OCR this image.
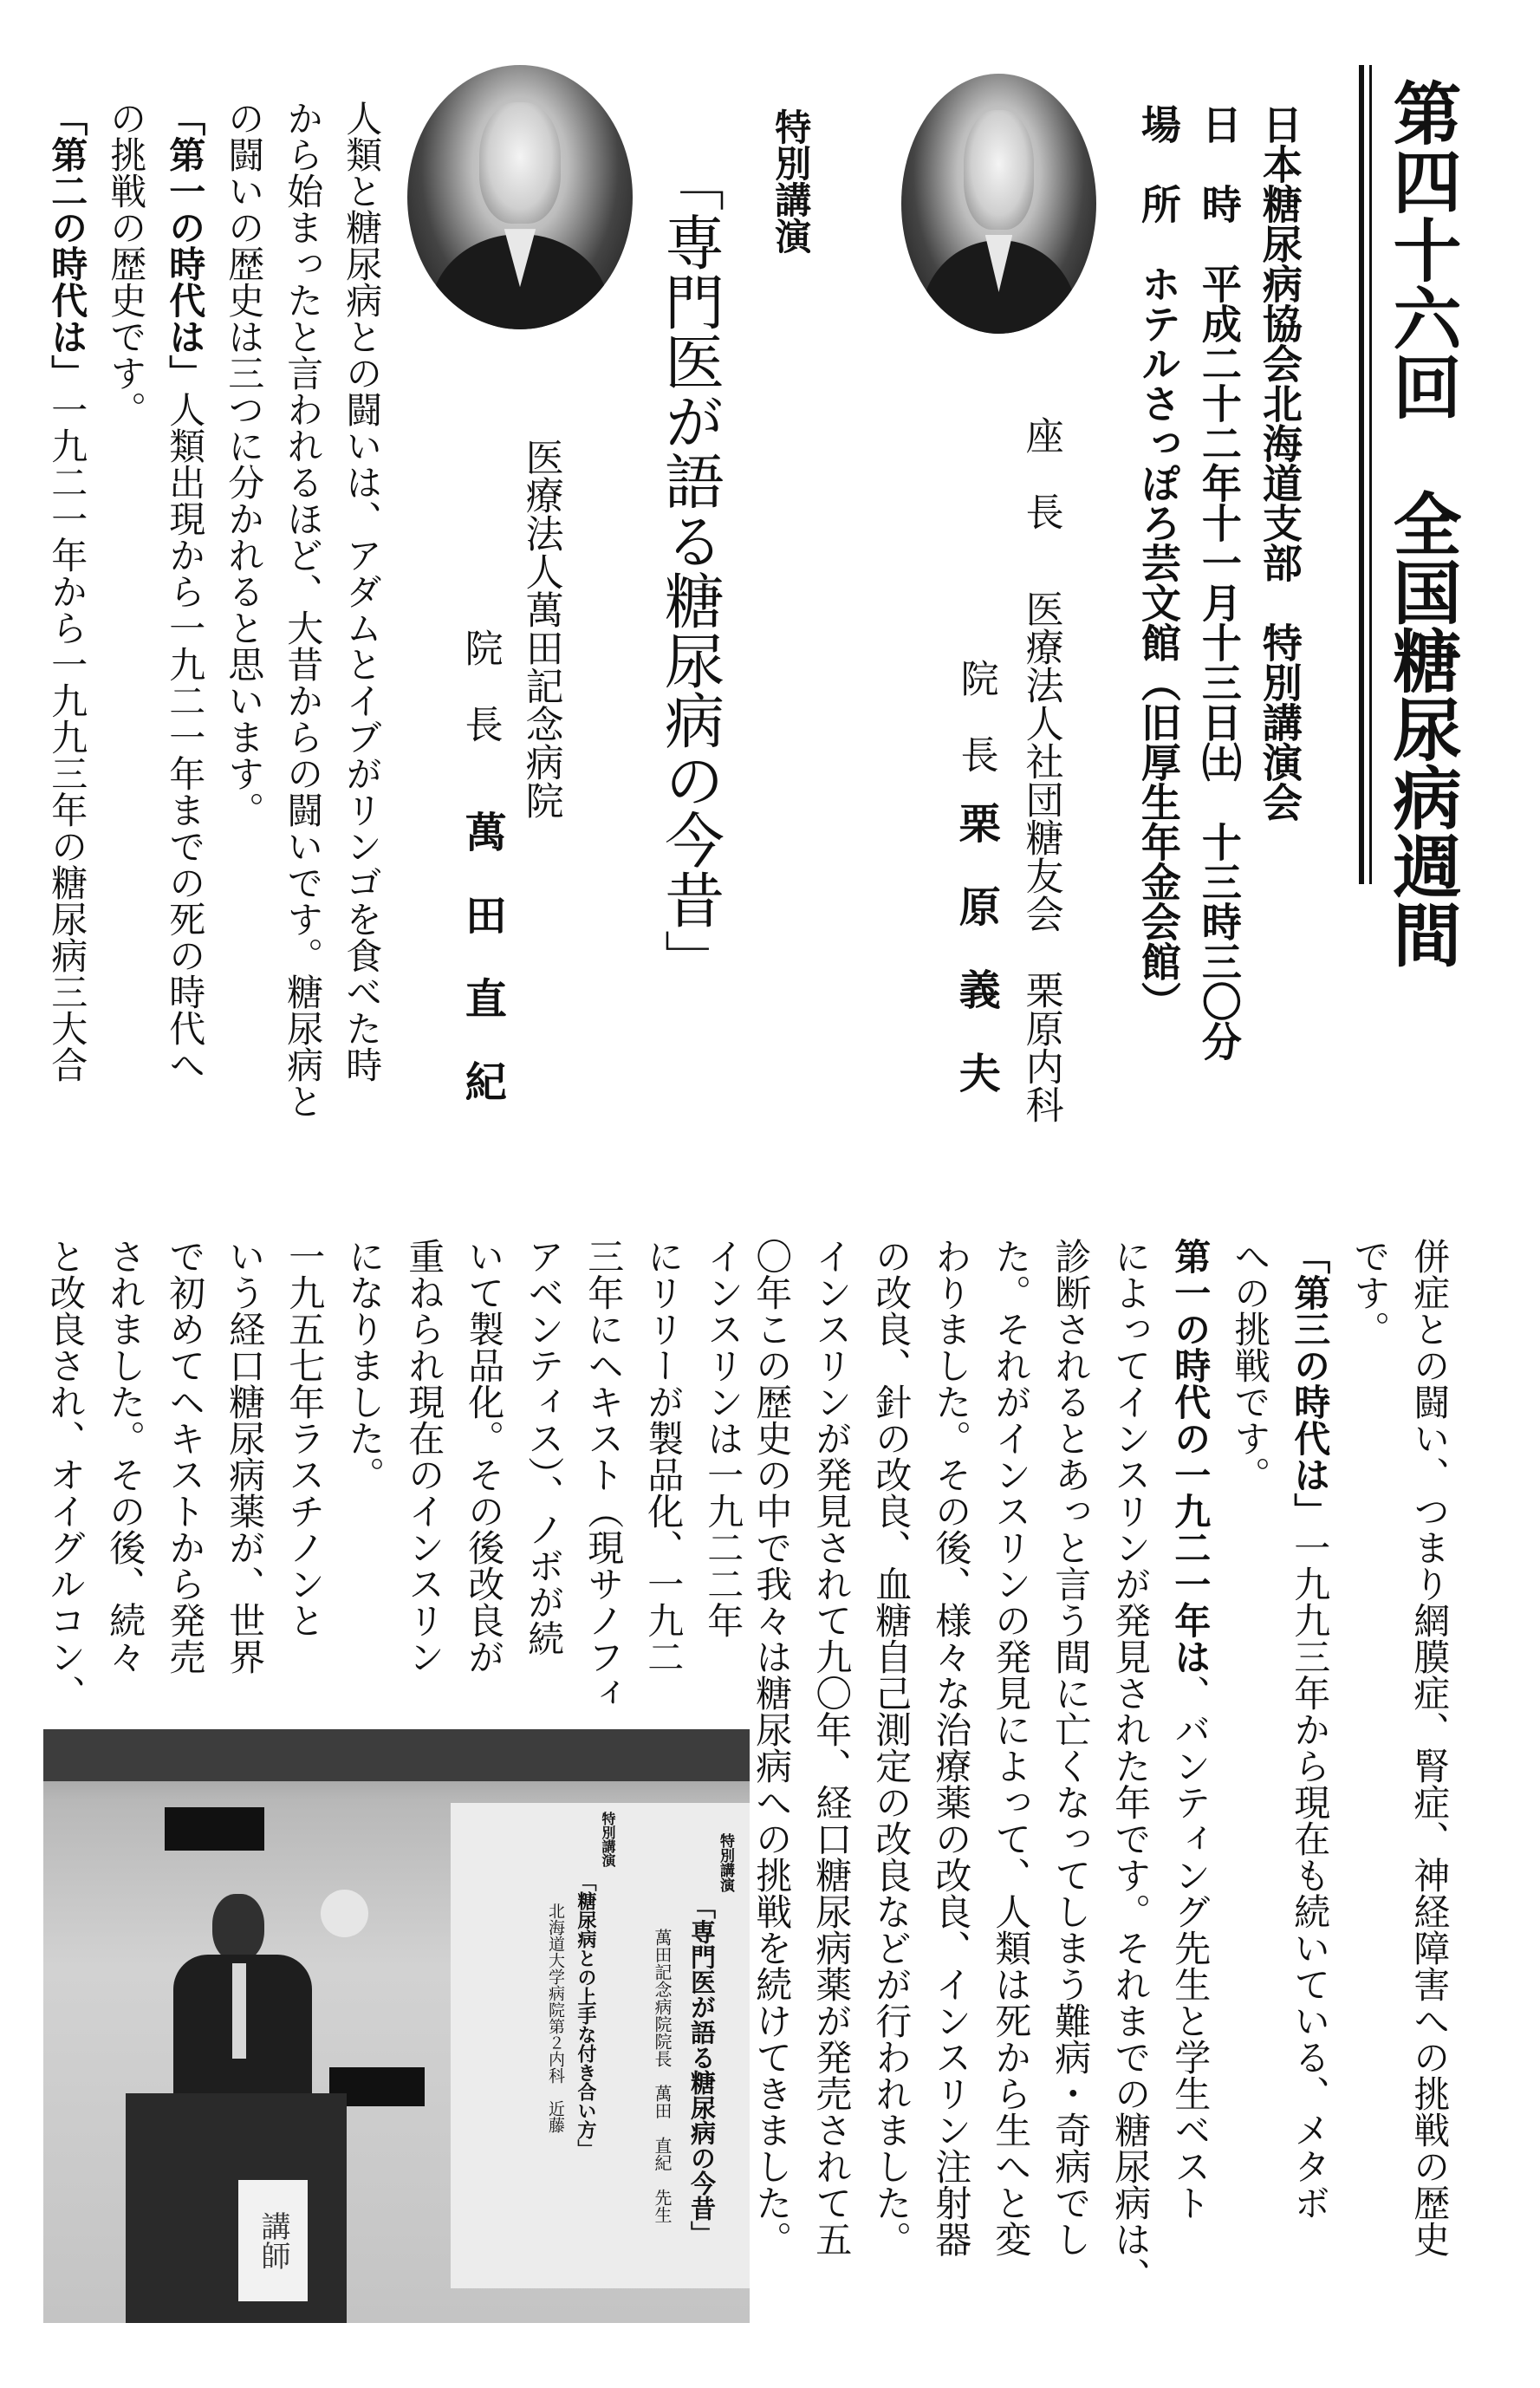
第四十六回　全国糖尿病週間
日本糖尿病協会北海道支部　特別講演会
日　時　平成二十二年十一月十三日㈯　十三時三〇分
場　所　ホテルさっぽろ芸文館（旧厚生年金会館）
座　長
医療法人社団糖友会　栗原内科
院　長
栗　原　義　夫
特別講演
「専門医が語る糖尿病の今昔」
医療法人萬田記念病院
院　長
萬　田　直　紀
人類と糖尿病との闘いは、アダムとイブがリンゴを食べた時
から始まったと言われるほど、大昔からの闘いです。糖尿病と
の闘いの歴史は三つに分かれると思います。
「第一の時代は」人類出現から一九二一年までの死の時代へ
の挑戦の歴史です。
「第二の時代は」一九二一年から一九九三年の糖尿病三大合
併症との闘い、つまり網膜症、腎症、神経障害への挑戦の歴史
です。
「第三の時代は」一九九三年から現在も続いている、メタボ
への挑戦です。
第一の時代の一九二一年は、バンティング先生と学生ベスト
によってインスリンが発見された年です。それまでの糖尿病は、
診断されるとあっと言う間に亡くなってしまう難病・奇病でし
た。それがインスリンの発見によって、人類は死から生へと変
わりました。その後、様々な治療薬の改良、インスリン注射器
の改良、針の改良、血糖自己測定の改良などが行われました。
インスリンが発見されて九〇年、経口糖尿病薬が発売されて五
〇年この歴史の中で我々は糖尿病への挑戦を続けてきました。
インスリンは一九二二年
にリリーが製品化、一九二
三年にヘキスト（現サノフィ
アベンティス）、ノボが続
いて製品化。その後改良が
重ねられ現在のインスリン
になりました。
一九五七年ラスチノンと
いう経口糖尿病薬が、世界
で初めてヘキストから発売
されました。その後、続々
と改良され、オイグルコン、
講師
特別講演
「専門医が語る糖尿病の今昔」
萬田記念病院院長　萬田　直紀　先生
特別講演
「糖尿病との上手な付き合い方」
北海道大学病院第２内科　近藤
